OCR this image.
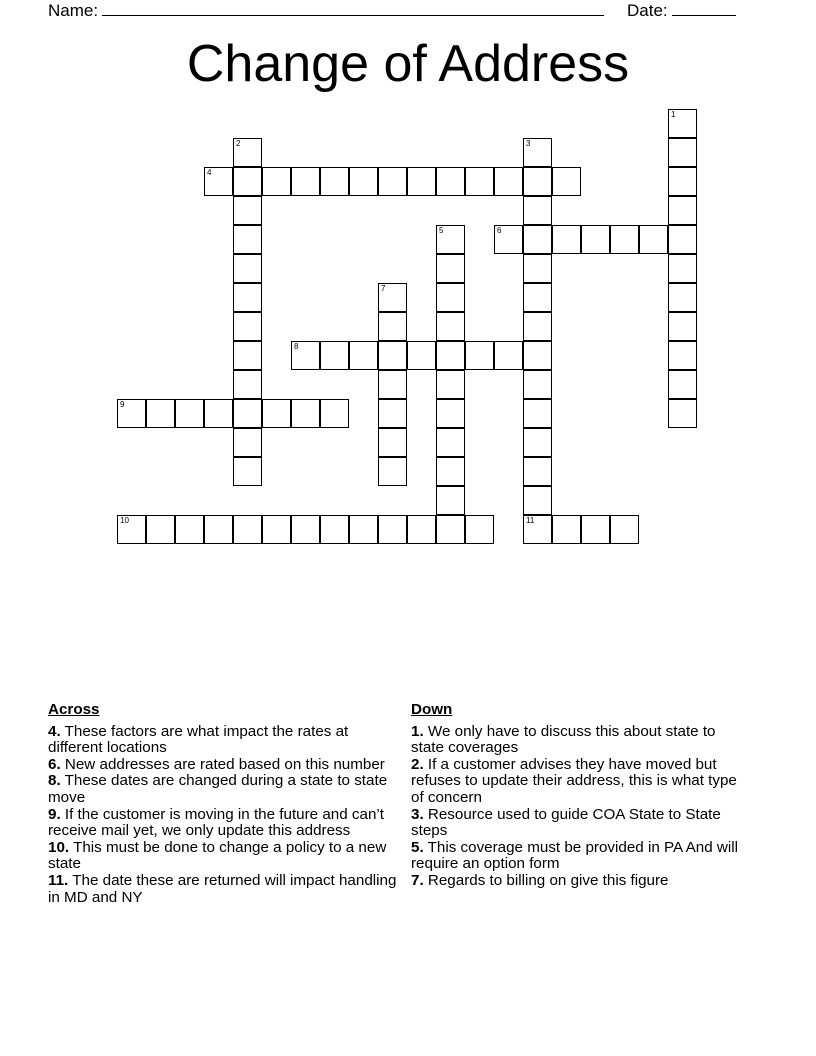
Name:	Date:
Change of Address
1
2	3
11
4
5	6
7
8
9
10
Across
4. These factors are what impact the rates at different locations
6. New addresses are rated based on this number
8. These dates are changed during a state to state move
9. If the customer is moving in the future and can’t receive mail yet, we only update this address
10. This must be done to change a policy to a new state
11. The date these are returned will impact handling in MD and NY
Down
1. We only have to discuss this about state to state coverages
2. If a customer advises they have moved but refuses to update their address, this is what type of concern
3. Resource used to guide COA State to State steps
5. This coverage must be provided in PA And will require an option form
7. Regards to billing on give this figure
